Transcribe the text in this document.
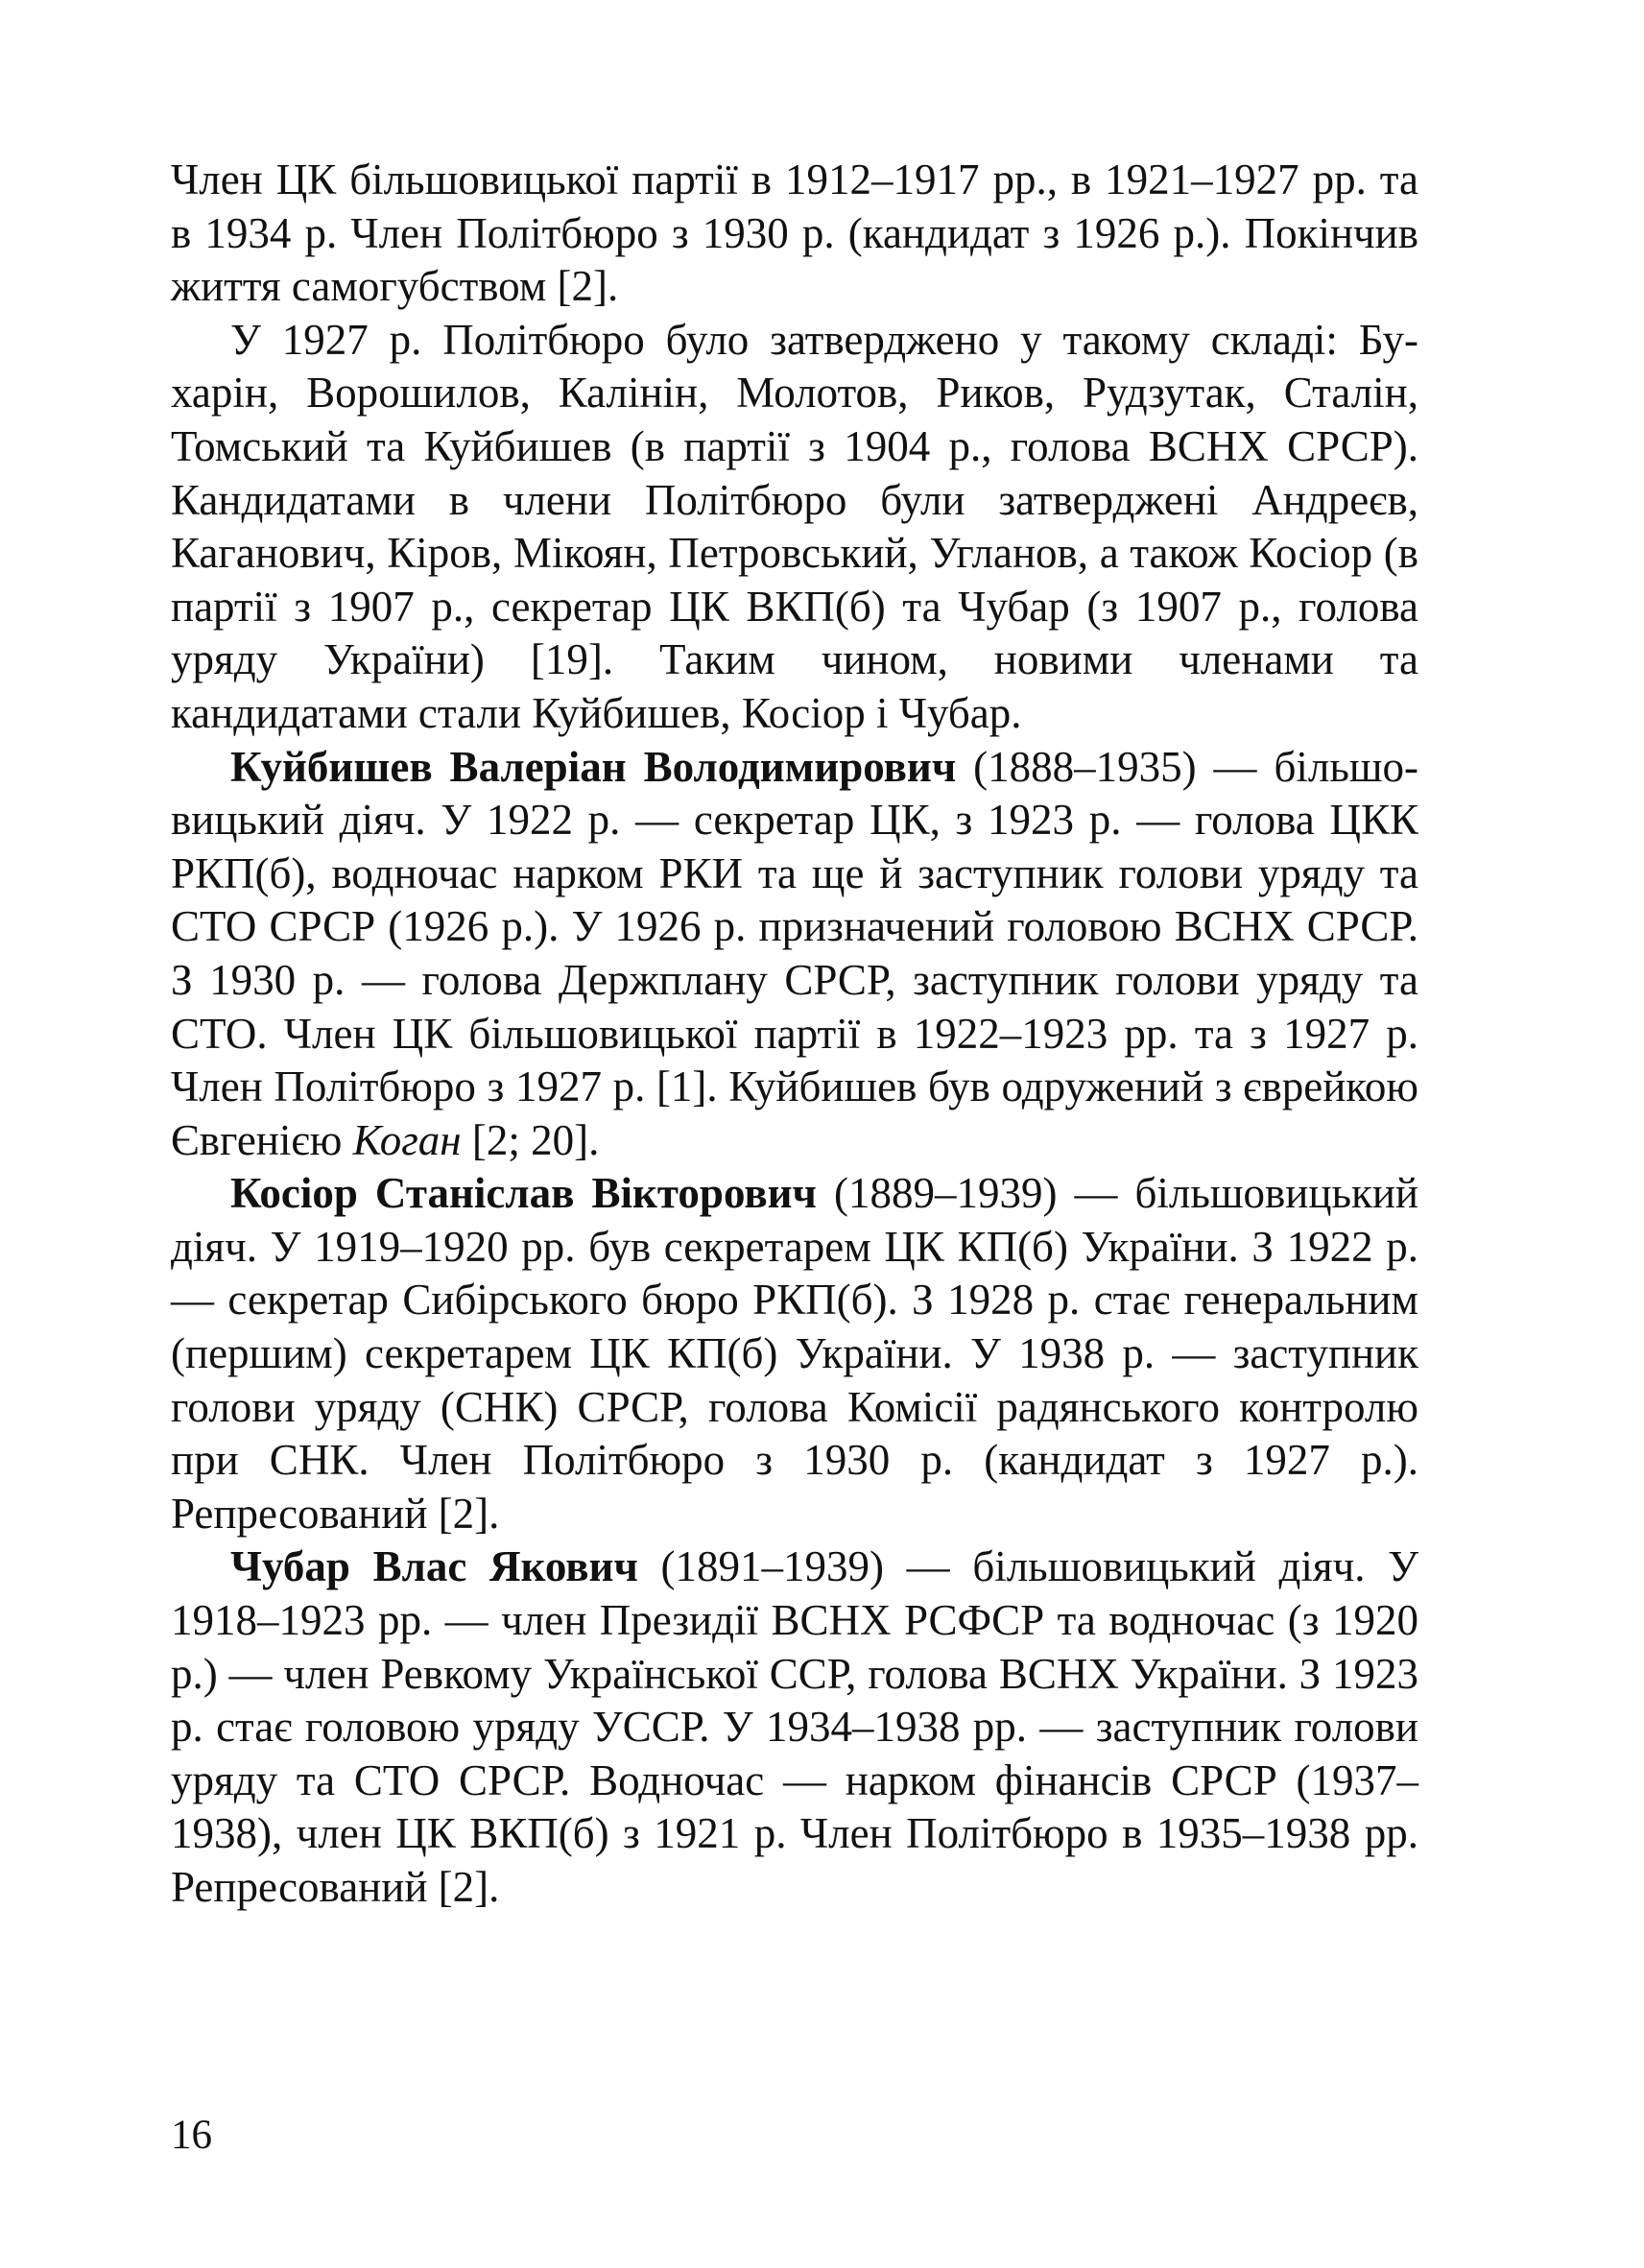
Член ЦК більшовицької партії в 1912–1917 рр., в 1921–1927 рр. та в 1934 р. Член Політбюро з 1930 р. (кандидат з 1926 р.). Покінчив життя самогубством [2].

У 1927 р. Політбюро було затверджено у такому складі: Бухарін, Ворошилов, Калінін, Молотов, Риков, Рудзутак, Сталін, Томський та Куйбишев (в партії з 1904 р., голова ВСНХ СРСР). Кандидатами в члени Політбюро були затверджені Андреєв, Каганович, Кіров, Мікоян, Петровський, Угланов, а також Косіор (в партії з 1907 р., секретар ЦК ВКП(б) та Чубар (з 1907 р., голова уряду України) [19]. Таким чином, новими членами та кандидатами стали Куйбишев, Косіор і Чубар.

Куйбишев Валеріан Володимирович (1888–1935) — більшовицький діяч. У 1922 р. — секретар ЦК, з 1923 р. — голова ЦКК РКП(б), водночас нарком РКИ та ще й заступник голови уряду та СТО СРСР (1926 р.). У 1926 р. призначений головою ВСНХ СРСР. З 1930 р. — голова Держплану СРСР, заступник голови уряду та СТО. Член ЦК більшовицької партії в 1922–1923 рр. та з 1927 р. Член Політбюро з 1927 р. [1]. Куйбишев був одружений з єврейкою Євгенією Коган [2; 20].

Косіор Станіслав Вікторович (1889–1939) — більшовицький діяч. У 1919–1920 рр. був секретарем ЦК КП(б) України. З 1922 р. — секретар Сибірського бюро РКП(б). З 1928 р. стає генеральним (першим) секретарем ЦК КП(б) України. У 1938 р. — заступник голови уряду (СНК) СРСР, голова Комісії радянського контролю при СНК. Член Політбюро з 1930 р. (кандидат з 1927 р.). Репресований [2].

Чубар Влас Якович (1891–1939) — більшовицький діяч. У 1918–1923 рр. — член Президії ВСНХ РСФСР та водночас (з 1920 р.) — член Ревкому Української ССР, голова ВСНХ України. З 1923 р. стає головою уряду УССР. У 1934–1938 рр. — заступник голови уряду та СТО СРСР. Водночас — нарком фінансів СРСР (1937–1938), член ЦК ВКП(б) з 1921 р. Член Політбюро в 1935–1938 рр. Репресований [2].

16
